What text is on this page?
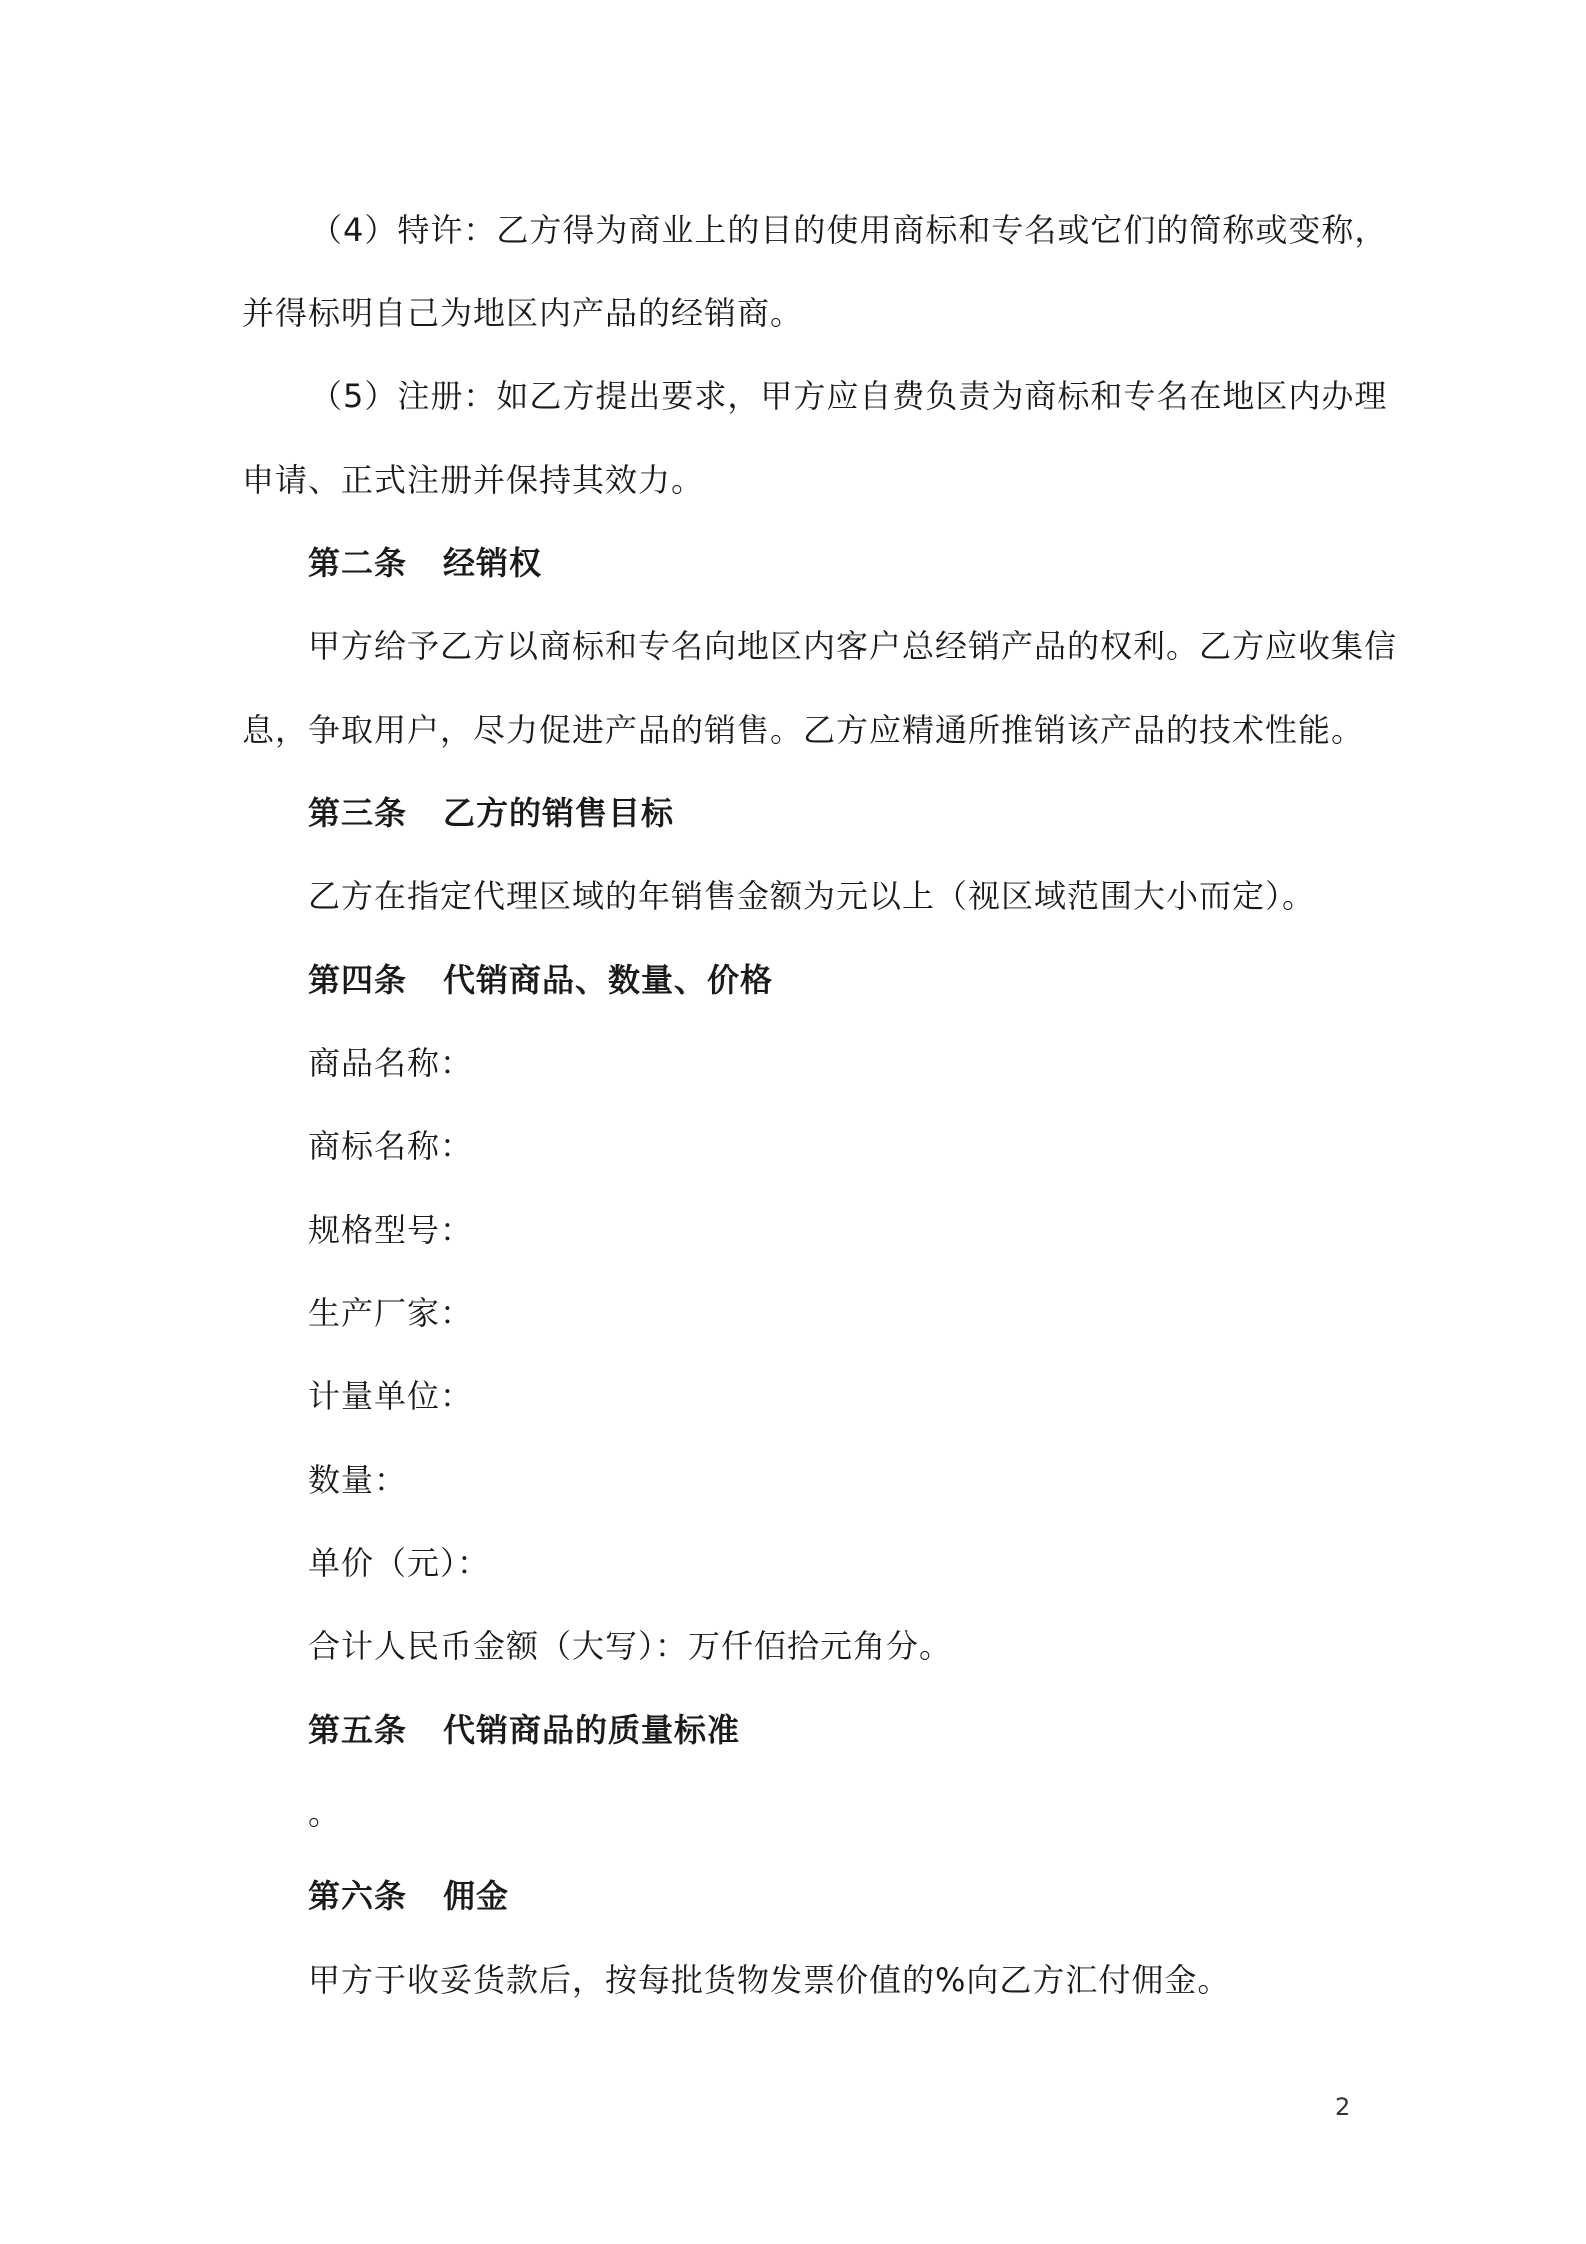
（4）特许：乙方得为商业上的目的使用商标和专名或它们的简称或变称，
并得标明自己为地区内产品的经销商。
（5）注册：如乙方提出要求，甲方应自费负责为商标和专名在地区内办理
申请、正式注册并保持其效力。
第二条 经销权
甲方给予乙方以商标和专名向地区内客户总经销产品的权利。乙方应收集信
息，争取用户，尽力促进产品的销售。乙方应精通所推销该产品的技术性能。
第三条 乙方的销售目标
乙方在指定代理区域的年销售金额为元以上（视区域范围大小而定）。
第四条 代销商品、数量、价格
商品名称：
商标名称：
规格型号：
生产厂家：
计量单位：
数量：
单价（元）：
合计人民币金额（大写）：万仟佰拾元角分。
第五条 代销商品的质量标准
。
第六条 佣金
甲方于收妥货款后，按每批货物发票价值的%向乙方汇付佣金。
2
